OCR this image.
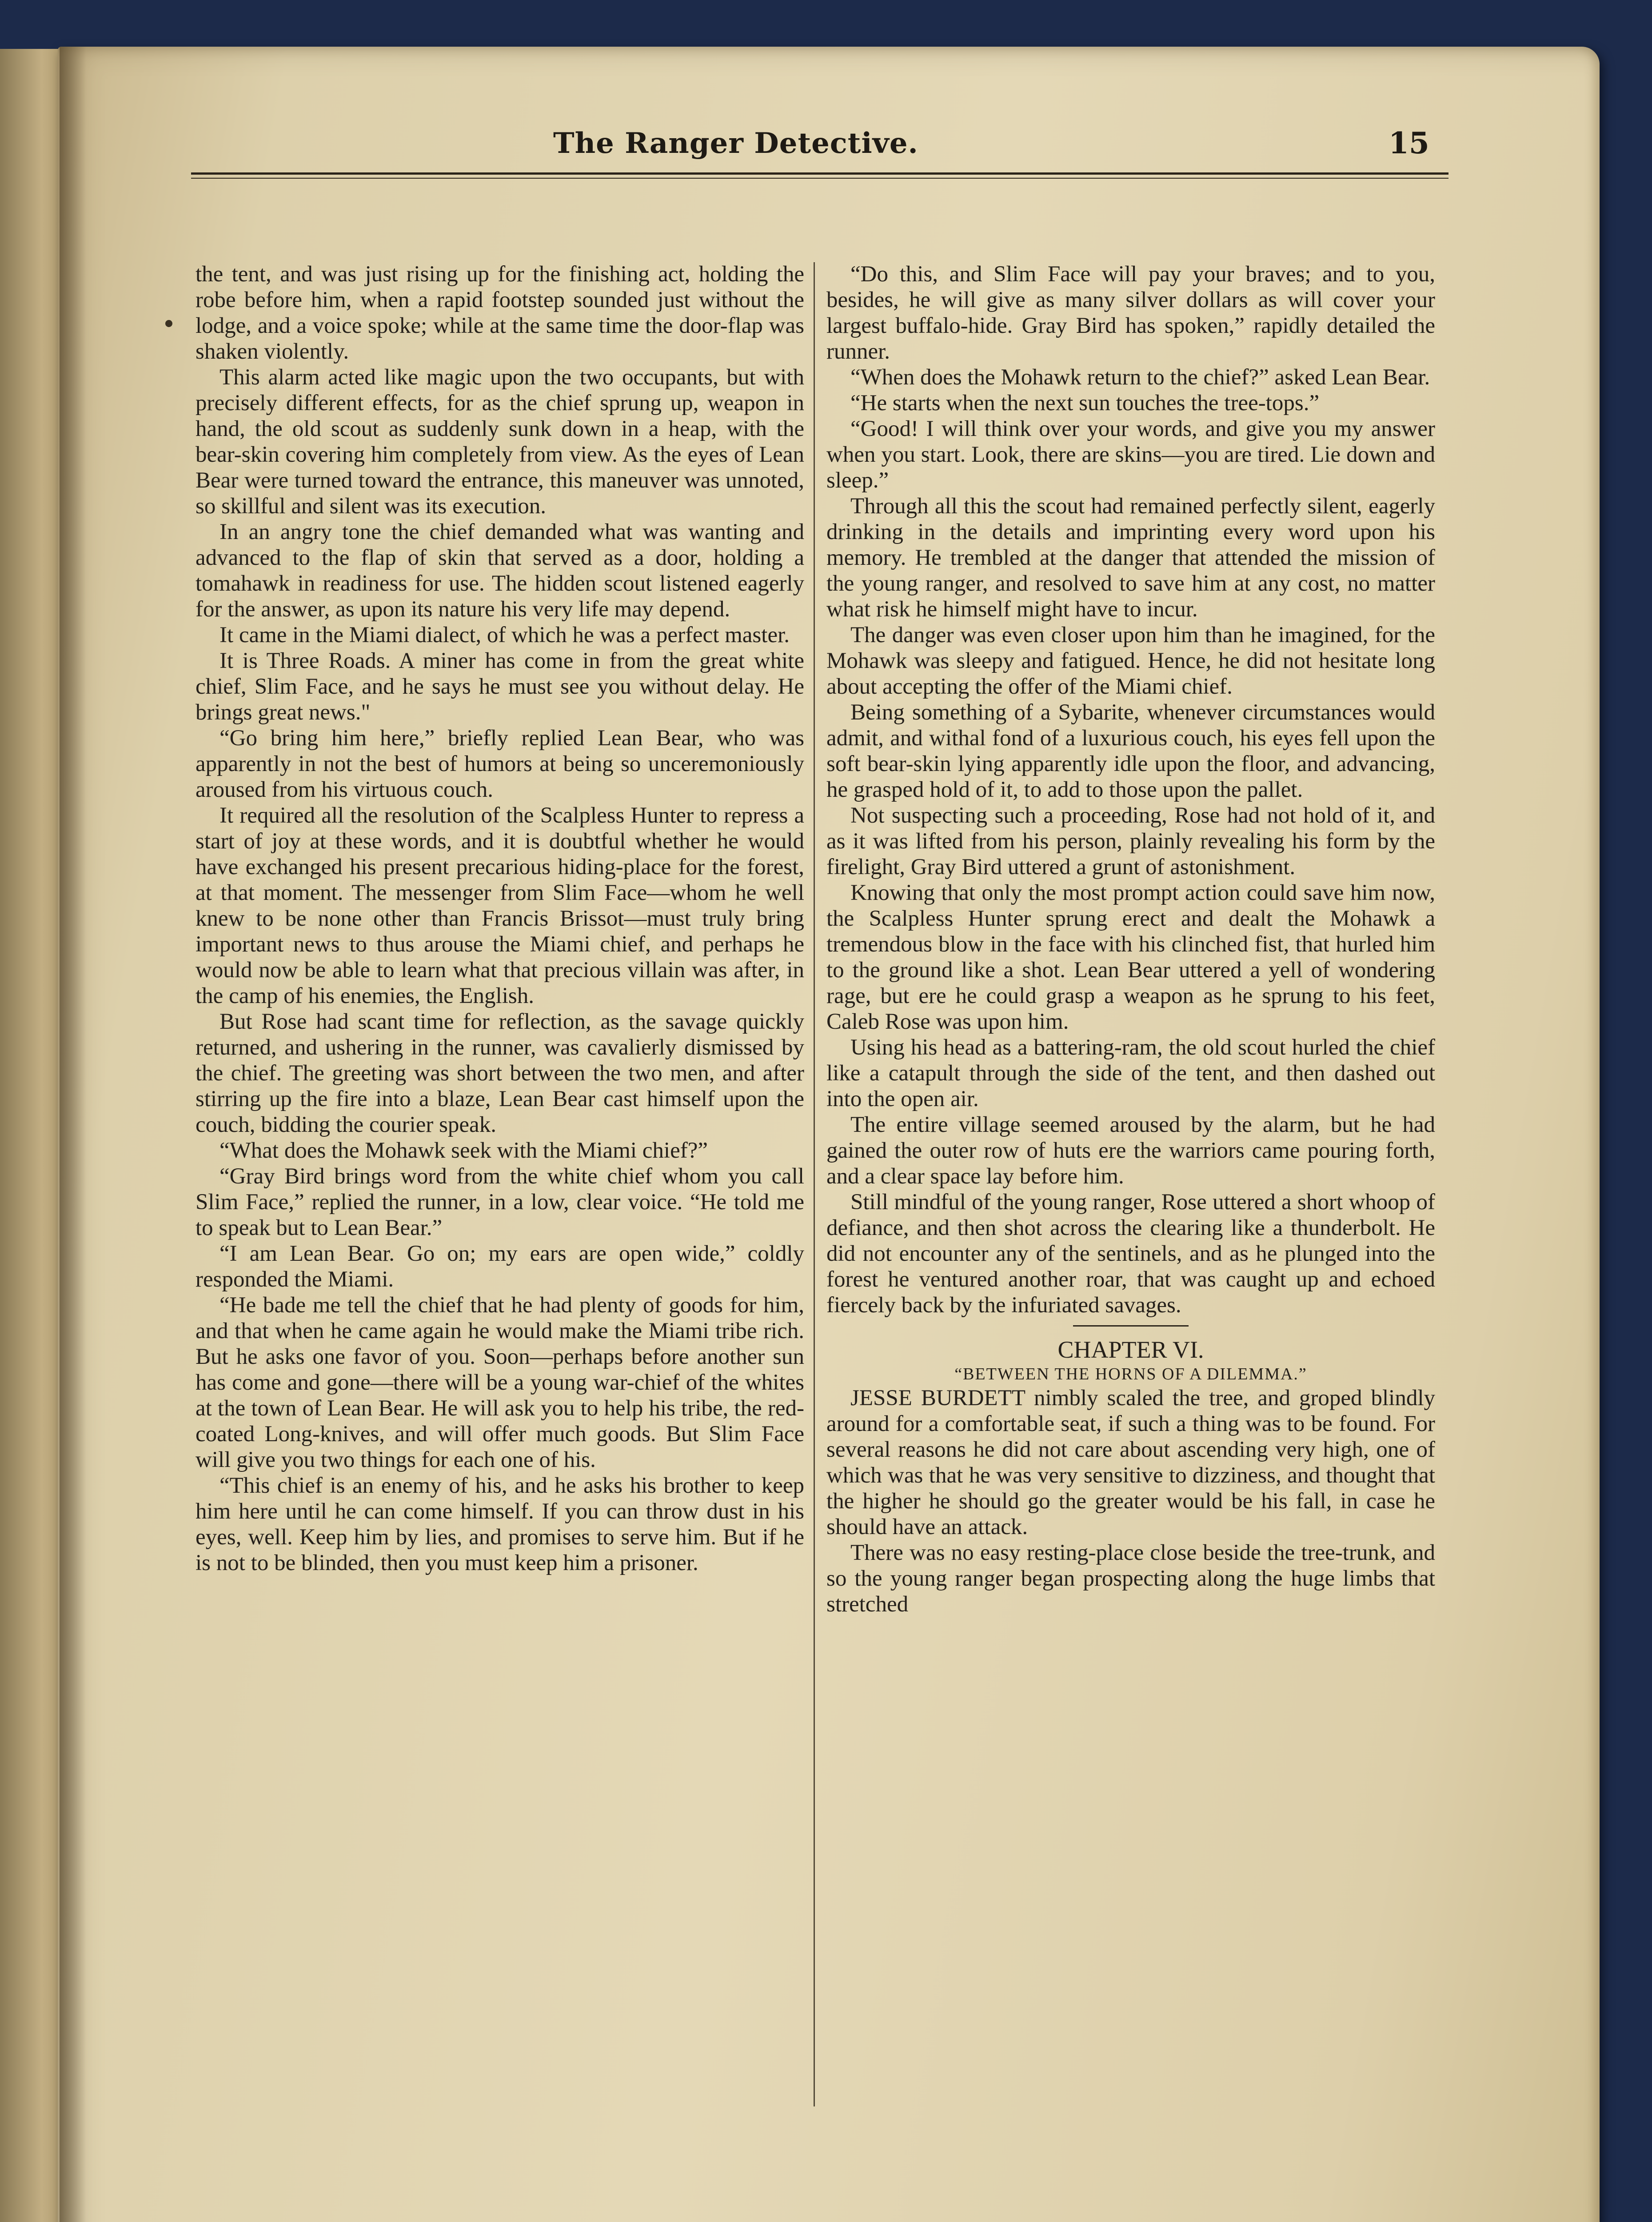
The Ranger Detective.	15

the tent, and was just rising up for the finishing act, holding the robe before him, when a rapid footstep sounded just without the lodge, and a voice spoke; while at the same time the door-flap was shaken violently.

This alarm acted like magic upon the two occupants, but with precisely different effects, for as the chief sprung up, weapon in hand, the old scout as suddenly sunk down in a heap, with the bear-skin covering him completely from view. As the eyes of Lean Bear were turned toward the entrance, this maneuver was unnoted, so skillful and silent was its execution.

In an angry tone the chief demanded what was wanting and advanced to the flap of skin that served as a door, holding a tomahawk in readiness for use. The hidden scout listened eagerly for the answer, as upon its nature his very life may depend.

It came in the Miami dialect, of which he was a perfect master.

It is Three Roads. A miner has come in from the great white chief, Slim Face, and he says he must see you without delay. He brings great news."

“Go bring him here,” briefly replied Lean Bear, who was apparently in not the best of humors at being so unceremoniously aroused from his virtuous couch.

It required all the resolution of the Scalpless Hunter to repress a start of joy at these words, and it is doubtful whether he would have exchanged his present precarious hiding-place for the forest, at that moment. The messenger from Slim Face—whom he well knew to be none other than Francis Brissot—must truly bring important news to thus arouse the Miami chief, and perhaps he would now be able to learn what that precious villain was after, in the camp of his enemies, the English.

But Rose had scant time for reflection, as the savage quickly returned, and ushering in the runner, was cavalierly dismissed by the chief. The greeting was short between the two men, and after stirring up the fire into a blaze, Lean Bear cast himself upon the couch, bidding the courier speak.

“What does the Mohawk seek with the Miami chief?”

“Gray Bird brings word from the white chief whom you call Slim Face,” replied the runner, in a low, clear voice. “He told me to speak but to Lean Bear.”

“I am Lean Bear. Go on; my ears are open wide,” coldly responded the Miami.

“He bade me tell the chief that he had plenty of goods for him, and that when he came again he would make the Miami tribe rich. But he asks one favor of you. Soon—perhaps before another sun has come and gone—there will be a young war-chief of the whites at the town of Lean Bear. He will ask you to help his tribe, the red-coated Long-knives, and will offer much goods. But Slim Face will give you two things for each one of his.

“This chief is an enemy of his, and he asks his brother to keep him here until he can come himself. If you can throw dust in his eyes, well. Keep him by lies, and promises to serve him. But if he is not to be blinded, then you must keep him a prisoner.

“Do this, and Slim Face will pay your braves; and to you, besides, he will give as many silver dollars as will cover your largest buffalo-hide. Gray Bird has spoken,” rapidly detailed the runner.

“When does the Mohawk return to the chief?” asked Lean Bear.

“He starts when the next sun touches the tree-tops.”

“Good! I will think over your words, and give you my answer when you start. Look, there are skins—you are tired. Lie down and sleep.”

Through all this the scout had remained perfectly silent, eagerly drinking in the details and imprinting every word upon his memory. He trembled at the danger that attended the mission of the young ranger, and resolved to save him at any cost, no matter what risk he himself might have to incur.

The danger was even closer upon him than he imagined, for the Mohawk was sleepy and fatigued. Hence, he did not hesitate long about accepting the offer of the Miami chief.

Being something of a Sybarite, whenever circumstances would admit, and withal fond of a luxurious couch, his eyes fell upon the soft bear-skin lying apparently idle upon the floor, and advancing, he grasped hold of it, to add to those upon the pallet.

Not suspecting such a proceeding, Rose had not hold of it, and as it was lifted from his person, plainly revealing his form by the firelight, Gray Bird uttered a grunt of astonishment.

Knowing that only the most prompt action could save him now, the Scalpless Hunter sprung erect and dealt the Mohawk a tremendous blow in the face with his clinched fist, that hurled him to the ground like a shot. Lean Bear uttered a yell of wondering rage, but ere he could grasp a weapon as he sprung to his feet, Caleb Rose was upon him.

Using his head as a battering-ram, the old scout hurled the chief like a catapult through the side of the tent, and then dashed out into the open air.

The entire village seemed aroused by the alarm, but he had gained the outer row of huts ere the warriors came pouring forth, and a clear space lay before him.

Still mindful of the young ranger, Rose uttered a short whoop of defiance, and then shot across the clearing like a thunderbolt. He did not encounter any of the sentinels, and as he plunged into the forest he ventured another roar, that was caught up and echoed fiercely back by the infuriated savages.

CHAPTER VI.
“BETWEEN THE HORNS OF A DILEMMA.”

JESSE BURDETT nimbly scaled the tree, and groped blindly around for a comfortable seat, if such a thing was to be found. For several reasons he did not care about ascending very high, one of which was that he was very sensitive to dizziness, and thought that the higher he should go the greater would be his fall, in case he should have an attack.

There was no easy resting-place close beside the tree-trunk, and so the young ranger began prospecting along the huge limbs that stretched
